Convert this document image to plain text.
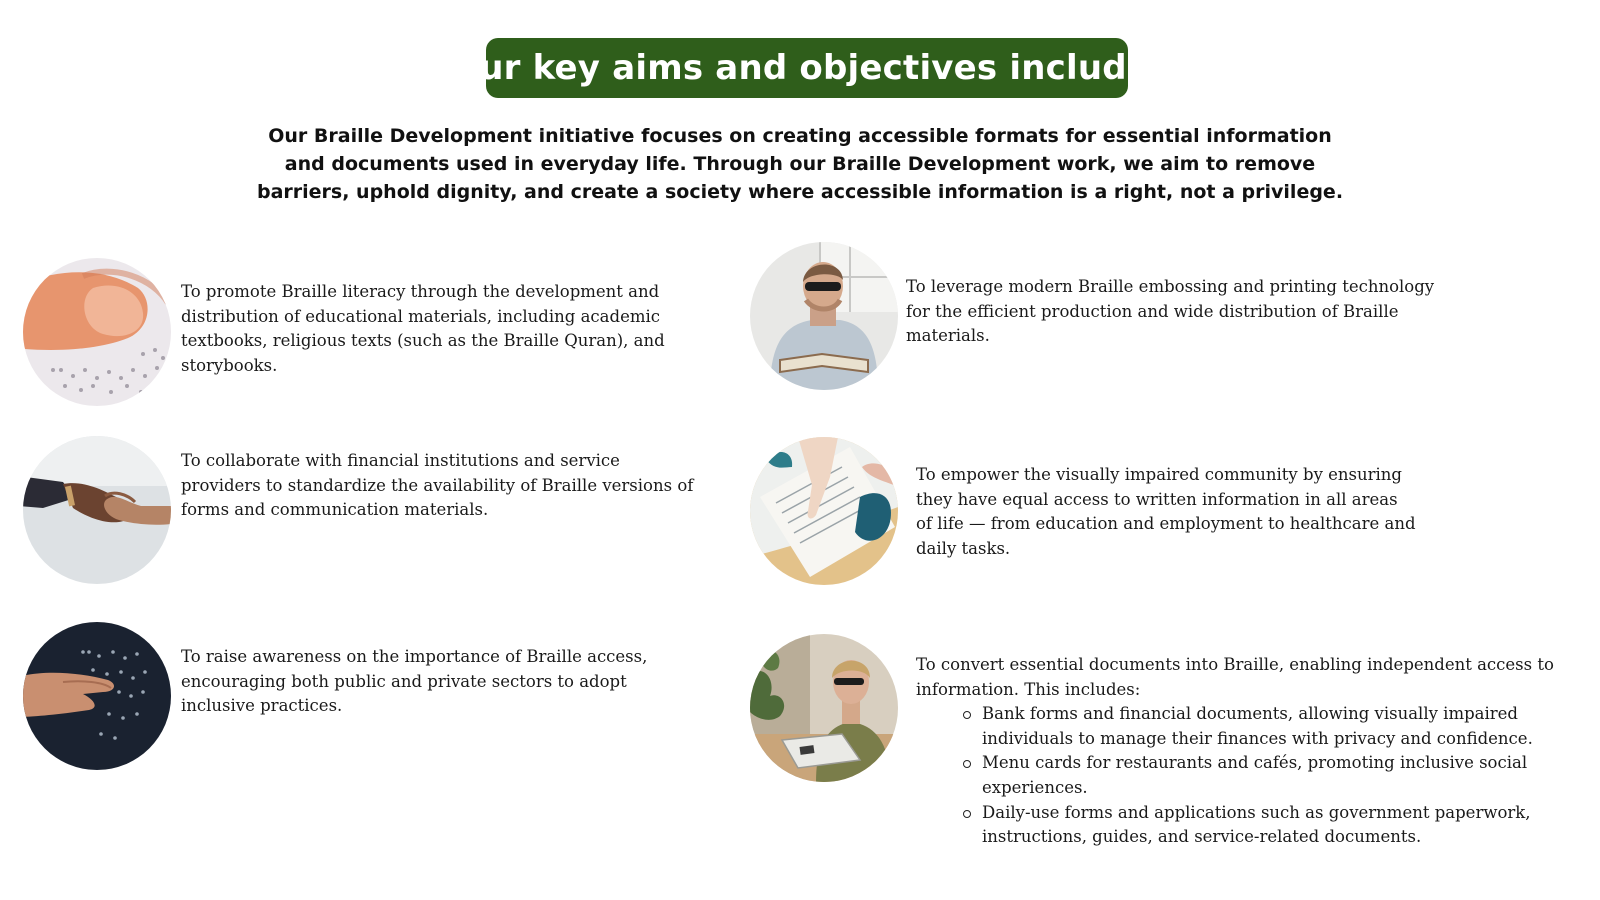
Our key aims and objectives include:

Our Braille Development initiative focuses on creating accessible formats for essential information and documents used in everyday life. Through our Braille Development work, we aim to remove barriers, uphold dignity, and create a society where accessible information is a right, not a privilege.

To promote Braille literacy through the development and distribution of educational materials, including academic textbooks, religious texts (such as the Braille Quran), and storybooks.

To collaborate with financial institutions and service providers to standardize the availability of Braille versions of forms and communication materials.

To raise awareness on the importance of Braille access, encouraging both public and private sectors to adopt inclusive practices.

To leverage modern Braille embossing and printing technology for the efficient production and wide distribution of Braille materials.

To empower the visually impaired community by ensuring they have equal access to written information in all areas of life — from education and employment to healthcare and daily tasks.

To convert essential documents into Braille, enabling independent access to information. This includes:
Bank forms and financial documents, allowing visually impaired individuals to manage their finances with privacy and confidence.
Menu cards for restaurants and cafés, promoting inclusive social experiences.
Daily-use forms and applications such as government paperwork, instructions, guides, and service-related documents.
